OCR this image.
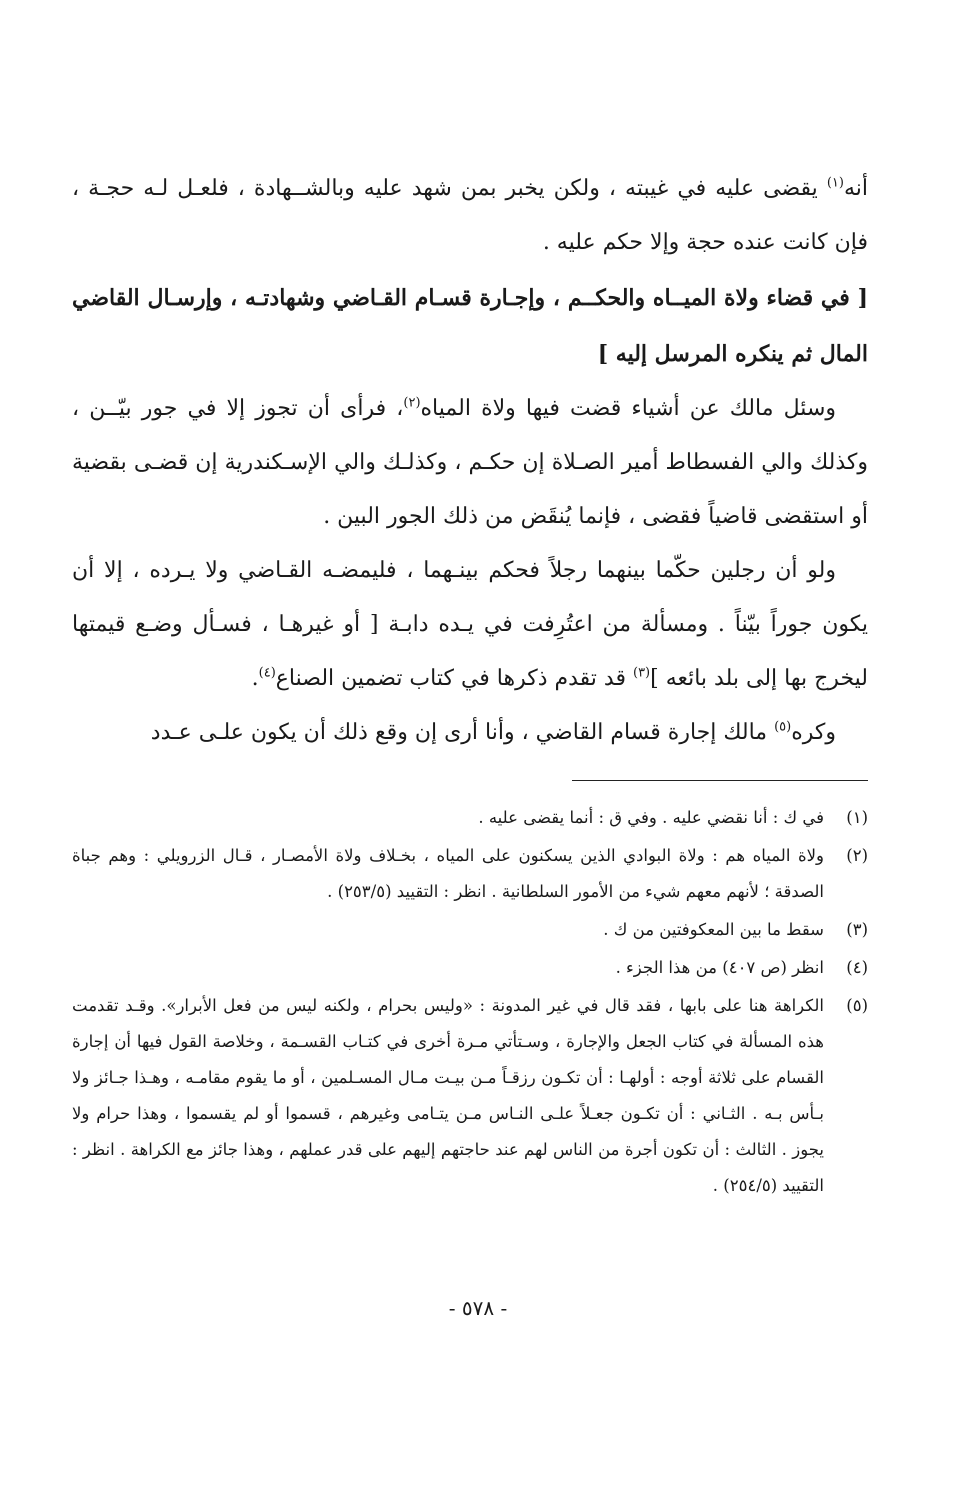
أنه$^{(١)}$ يقضى عليه في غيبته ، ولكن يخبر بمن شهد عليه وبالشــهادة ، فلعـل لـه حجـة ، فإن كانت عنده حجة وإلا حكم عليه .

[ في قضاء ولاة الميــاه والحكــم ، وإجـارة قسـام القـاضي وشهادتـه ، وإرسـال القاضي المال ثم ينكره المرسل إليه ]

وسئل مالك عن أشياء قضت فيها ولاة المياه$^{(٢)}$، فرأى أن تجوز إلا في جور بيّــن ، وكذلك والي الفسطاط أمير الصـلاة إن حكـم ، وكذلـك والي الإسـكندرية إن قضـى بقضية أو استقضى قاضياً فقضى ، فإنما يُنقَض من ذلك الجور البين .

ولو أن رجلين حكّما بينهما رجلاً فحكم بينـهما ، فليمضـه القـاضي ولا يـرده ، إلا أن يكون جوراً بيّناً . ومسألة من اعتُرِفت في يـده دابـة [ أو غيرهـا ، فسـأل وضـع قيمتها ليخرج بها إلى بلد بائعه ]$^{(٣)}$ قد تقدم ذكرها في كتاب تضمين الصناع$^{(٤)}$.

وكره$^{(٥)}$ مالك إجارة قسام القاضي ، وأنا أرى إن وقع ذلك أن يكون علـى عـدد

(١)
في ك : أنا نقضي عليه . وفي ق : أنما يقضى عليه .
(٢)
ولاة المياه هم : ولاة البوادي الذين يسكنون على المياه ، بخـلاف ولاة الأمصـار ، قـال الزرويلي : وهم جباة الصدقة ؛ لأنهم معهم شيء من الأمور السلطانية . انظر : التقييد (٢٥٣/٥) .
(٣)
سقط ما بين المعكوفتين من ك .
(٤)
انظر (ص ٤٠٧) من هذا الجزء .
(٥)
الكراهة هنا على بابها ، فقد قال في غير المدونة : «وليس بحرام ، ولكنه ليس من فعل الأبرار». وقـد تقدمت هذه المسألة في كتاب الجعل والإجارة ، وسـتأتي مـرة أخرى في كتـاب القسـمة ، وخلاصة القول فيها أن إجارة القسام على ثلاثة أوجه : أولهـا : أن تكـون رزقـاً مـن بيـت مـال المسـلمين ، أو ما يقوم مقامـه ، وهـذا جـائز ولا بـأس بـه . الثـاني : أن تكـون جعـلاً علـى النـاس مـن يتـامى وغيرهم ، قسموا أو لم يقسموا ، وهذا حرام ولا يجوز . الثالث : أن تكون أجرة من الناس لهم عند حاجتهم إليهم على قدر عملهم ، وهذا جائز مع الكراهة . انظر : التقييد (٢٥٤/٥) .
- ٥٧٨ -
